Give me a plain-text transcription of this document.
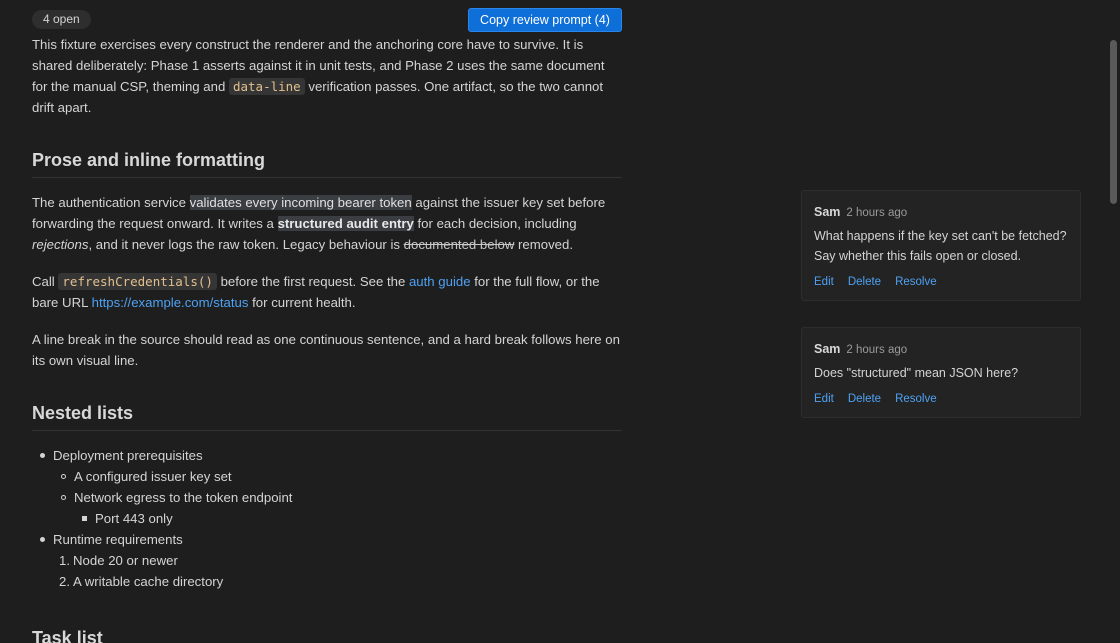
4 open	Copy review prompt (4)

This fixture exercises every construct the renderer and the anchoring core have to survive. It is shared deliberately: Phase 1 asserts against it in unit tests, and Phase 2 uses the same document for the manual CSP, theming and data-line verification passes. One artifact, so the two cannot drift apart.

Prose and inline formatting

The authentication service validates every incoming bearer token against the issuer key set before forwarding the request onward. It writes a structured audit entry for each decision, including rejections, and it never logs the raw token. Legacy behaviour is documented below removed.

Call refreshCredentials() before the first request. See the auth guide for the full flow, or the bare URL https://example.com/status for current health.

A line break in the source should read as one continuous sentence, and a hard break follows here on its own visual line.

Nested lists
Deployment prerequisites
A configured issuer key set
Network egress to the token endpoint
Port 443 only
Runtime requirements
1. Node 20 or newer
2. A writable cache directory
Task list
Sam 2 hours ago
What happens if the key set can't be fetched? Say whether this fails open or closed.
Edit Delete Resolve
Sam 2 hours ago
Does "structured" mean JSON here?
Edit Delete Resolve
